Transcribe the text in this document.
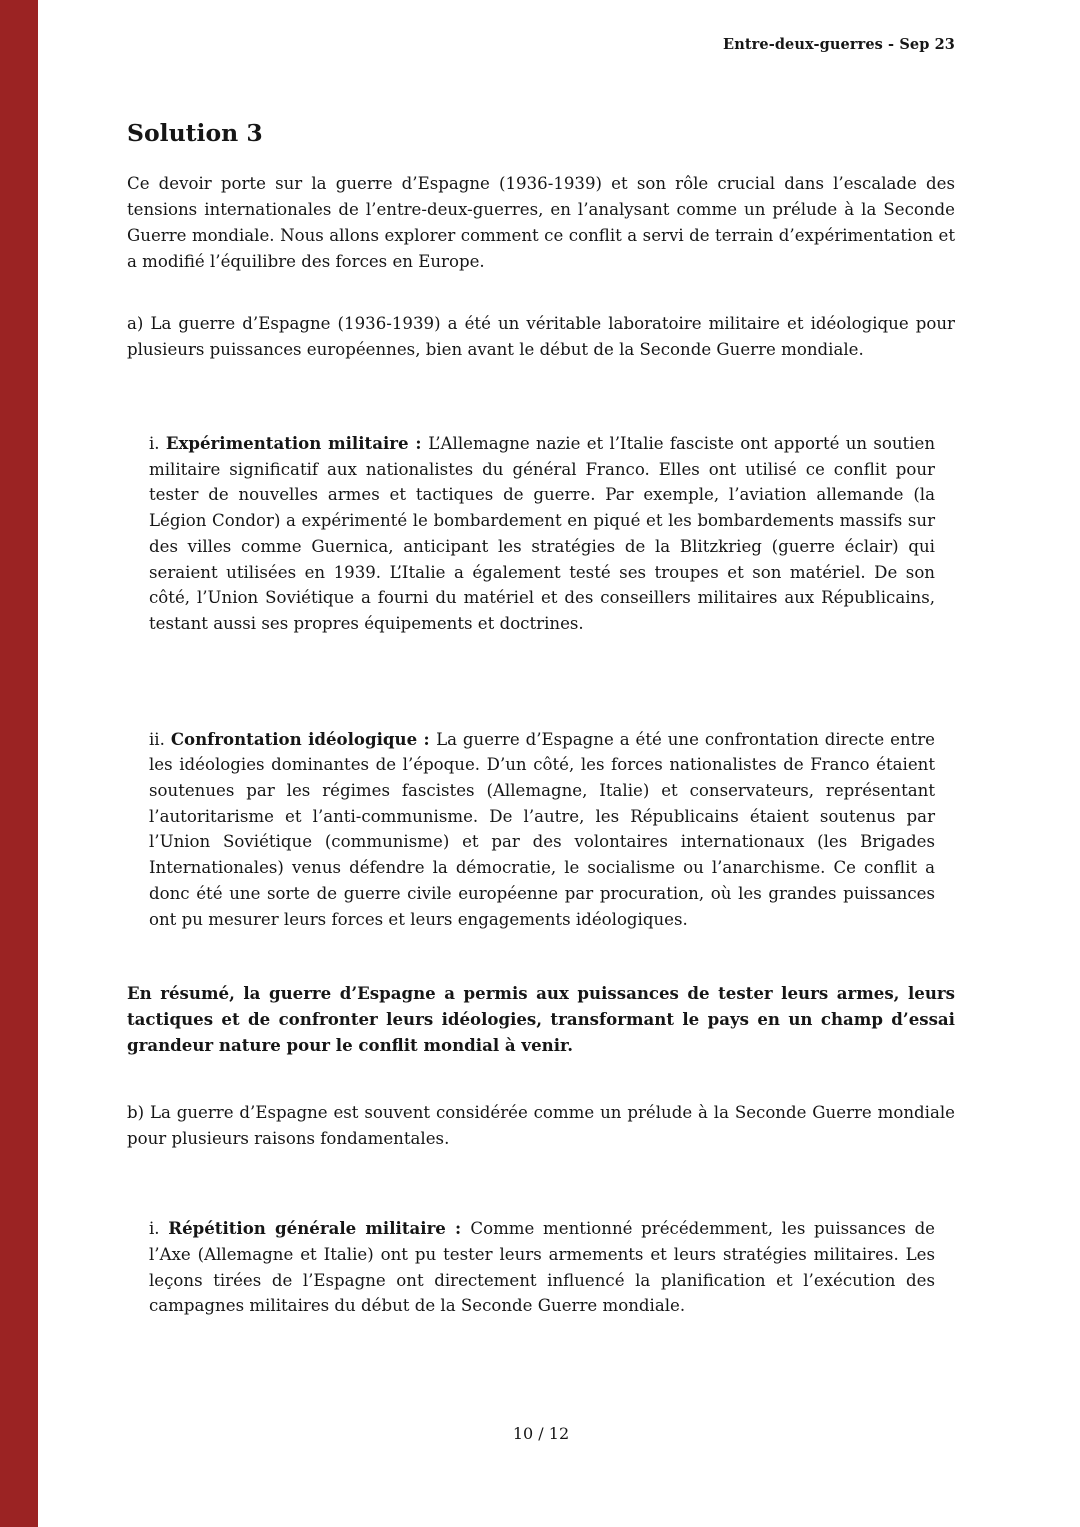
Entre-deux-guerres - Sep 23
Solution 3

Ce devoir porte sur la guerre d’Espagne (1936-1939) et son rôle crucial dans l’escalade des tensions internationales de l’entre-deux-guerres, en l’analysant comme un prélude à la Seconde Guerre mondiale. Nous allons explorer comment ce conflit a servi de terrain d’expérimentation et a modifié l’équilibre des forces en Europe.

a) La guerre d’Espagne (1936-1939) a été un véritable laboratoire militaire et idéologique pour plusieurs puissances européennes, bien avant le début de la Seconde Guerre mondiale.

i. Expérimentation militaire : L’Allemagne nazie et l’Italie fasciste ont apporté un soutien militaire significatif aux nationalistes du général Franco. Elles ont utilisé ce conflit pour tester de nouvelles armes et tactiques de guerre. Par exemple, l’aviation allemande (la Légion Condor) a expérimenté le bombardement en piqué et les bombardements massifs sur des villes comme Guernica, anticipant les stratégies de la Blitzkrieg (guerre éclair) qui seraient utilisées en 1939. L’Italie a également testé ses troupes et son matériel. De son côté, l’Union Soviétique a fourni du matériel et des conseillers militaires aux Républicains, testant aussi ses propres équipements et doctrines.

ii. Confrontation idéologique : La guerre d’Espagne a été une confrontation directe entre les idéologies dominantes de l’époque. D’un côté, les forces nationalistes de Franco étaient soutenues par les régimes fascistes (Allemagne, Italie) et conservateurs, représentant l’autoritarisme et l’anti-communisme. De l’autre, les Républicains étaient soutenus par l’Union Soviétique (communisme) et par des volontaires internationaux (les Brigades Internationales) venus défendre la démocratie, le socialisme ou l’anarchisme. Ce conflit a donc été une sorte de guerre civile européenne par procuration, où les grandes puissances ont pu mesurer leurs forces et leurs engagements idéologiques.

En résumé, la guerre d’Espagne a permis aux puissances de tester leurs armes, leurs tactiques et de confronter leurs idéologies, transformant le pays en un champ d’essai grandeur nature pour le conflit mondial à venir.

b) La guerre d’Espagne est souvent considérée comme un prélude à la Seconde Guerre mondiale pour plusieurs raisons fondamentales.

i. Répétition générale militaire : Comme mentionné précédemment, les puissances de l’Axe (Allemagne et Italie) ont pu tester leurs armements et leurs stratégies militaires. Les leçons tirées de l’Espagne ont directement influencé la planification et l’exécution des campagnes militaires du début de la Seconde Guerre mondiale.

10 / 12
